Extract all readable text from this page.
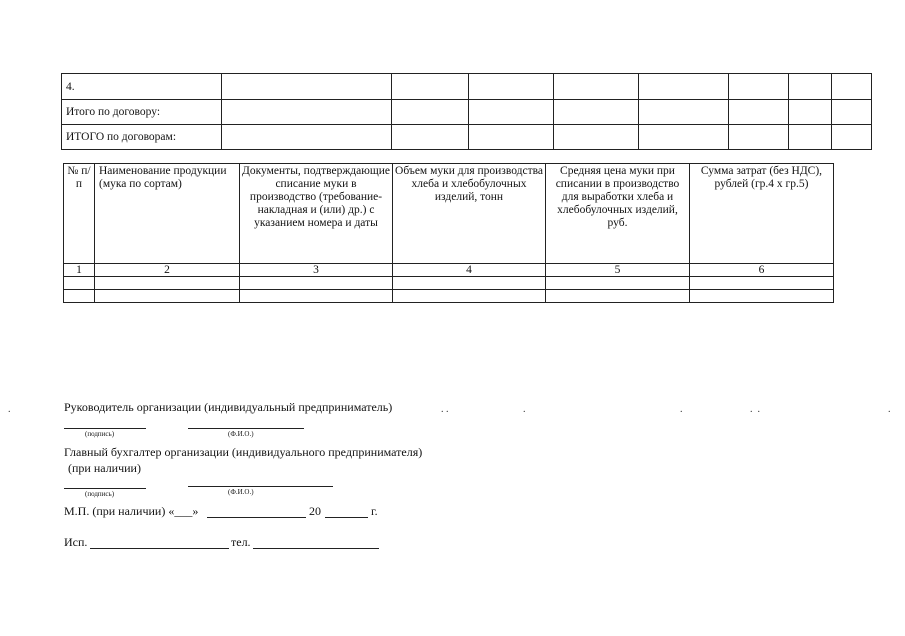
4.								
Итого по договору:								
ИТОГО по договорам:								
№ п/п	Наименование продукции (мука по сортам)	Документы, подтверждающие списание муки в производство (требование-накладная и (или) др.) с указанием номера и даты	Объем муки для производства хлеба и хлебобулочных изделий, тонн	Средняя цена муки при списании в производство для выработки хлеба и хлебобулочных изделий, руб.	Сумма затрат (без НДС), рублей (гр.4 х гр.5)
1	2	3	4	5	6

.	. .	.	.	.  .	.
Руководитель организации (индивидуальный предприниматель)
(подпись)	(Ф.И.О.)
Главный бухгалтер организации (индивидуального предпринимателя)
(при наличии)
(подпись)	(Ф.И.О.)
М.П. (при наличии) «___»	20	г.
Исп.	тел.
